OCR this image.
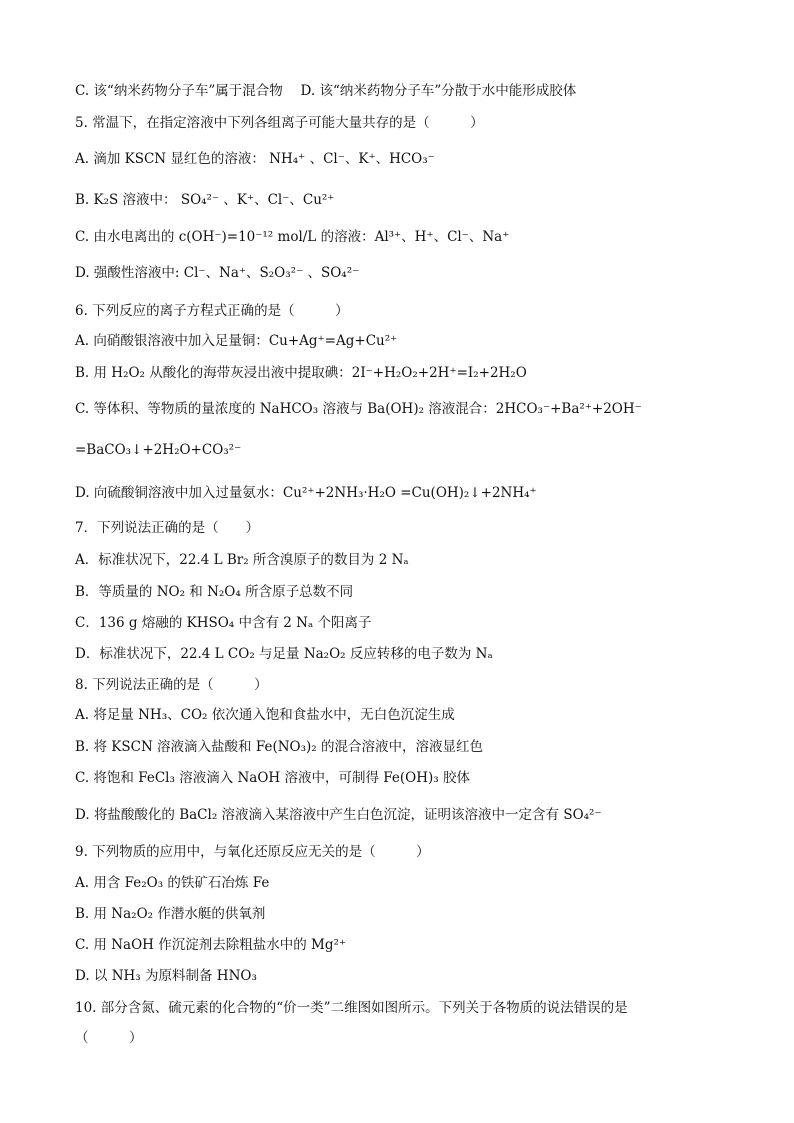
C. 该“纳米药物分子车”属于混合物　 D. 该“纳米药物分子车”分散于水中能形成胶体
5. 常温下，在指定溶液中下列各组离子可能大量共存的是（　　　）
A. 滴加 KSCN 显红色的溶液： NH₄⁺ 、Cl⁻、K⁺、HCO₃⁻
B. K₂S 溶液中： SO₄²⁻ 、K⁺、Cl⁻、Cu²⁺
C. 由水电离出的 c(OH⁻)=10⁻¹² mol/L 的溶液：Al³⁺、H⁺、Cl⁻、Na⁺
D. 强酸性溶液中: Cl⁻、Na⁺、S₂O₃²⁻ 、SO₄²⁻
6. 下列反应的离子方程式正确的是（　　　）
A. 向硝酸银溶液中加入足量铜：Cu+Ag⁺=Ag+Cu²⁺
B. 用 H₂O₂ 从酸化的海带灰浸出液中提取碘：2I⁻+H₂O₂+2H⁺=I₂+2H₂O
C. 等体积、等物质的量浓度的 NaHCO₃ 溶液与 Ba(OH)₂ 溶液混合：2HCO₃⁻+Ba²⁺+2OH⁻
=BaCO₃↓+2H₂O+CO₃²⁻
D. 向硫酸铜溶液中加入过量氨水：Cu²⁺+2NH₃·H₂O =Cu(OH)₂↓+2NH₄⁺
7．下列说法正确的是（　　）
A．标准状况下，22.4 L Br₂ 所含溴原子的数目为 2 Nₐ
B．等质量的 NO₂ 和 N₂O₄ 所含原子总数不同
C．136 g 熔融的 KHSO₄ 中含有 2 Nₐ 个阳离子
D．标准状况下，22.4 L CO₂ 与足量 Na₂O₂ 反应转移的电子数为 Nₐ
8. 下列说法正确的是（　　　）
A. 将足量 NH₃、CO₂ 依次通入饱和食盐水中，无白色沉淀生成
B. 将 KSCN 溶液滴入盐酸和 Fe(NO₃)₂ 的混合溶液中，溶液显红色
C. 将饱和 FeCl₃ 溶液滴入 NaOH 溶液中，可制得 Fe(OH)₃ 胶体
D. 将盐酸酸化的 BaCl₂ 溶液滴入某溶液中产生白色沉淀，证明该溶液中一定含有 SO₄²⁻
9. 下列物质的应用中，与氧化还原反应无关的是（　　　）
A. 用含 Fe₂O₃ 的铁矿石冶炼 Fe
B. 用 Na₂O₂ 作潜水艇的供氧剂
C. 用 NaOH 作沉淀剂去除粗盐水中的 Mg²⁺
D. 以 NH₃ 为原料制备 HNO₃
10. 部分含氮、硫元素的化合物的“价一类”二维图如图所示。下列关于各物质的说法错误的是
（　　　）
